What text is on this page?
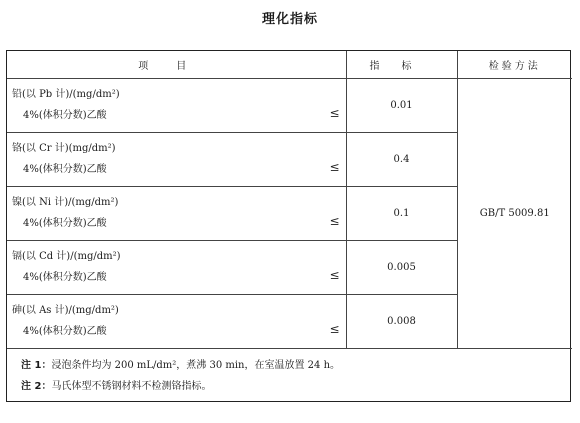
理化指标
项目	指标	检验方法

铅(以 Pb 计)/(mg/dm²)
4%(体积分数)乙酸 ≤	0.01	GB/T 5009.81

铬(以 Cr 计)(mg/dm²)
4%(体积分数)乙酸 ≤	0.4	

镍(以 Ni 计)/(mg/dm²)
4%(体积分数)乙酸 ≤	0.1	

镉(以 Cd 计)/(mg/dm²)
4%(体积分数)乙酸 ≤	0.005	

砷(以 As 计)/(mg/dm²)
4%(体积分数)乙酸 ≤	0.008	
注 1：浸泡条件均为 200 mL/dm²，煮沸 30 min，在室温放置 24 h。
注 2：马氏体型不锈钢材料不检测铬指标。
